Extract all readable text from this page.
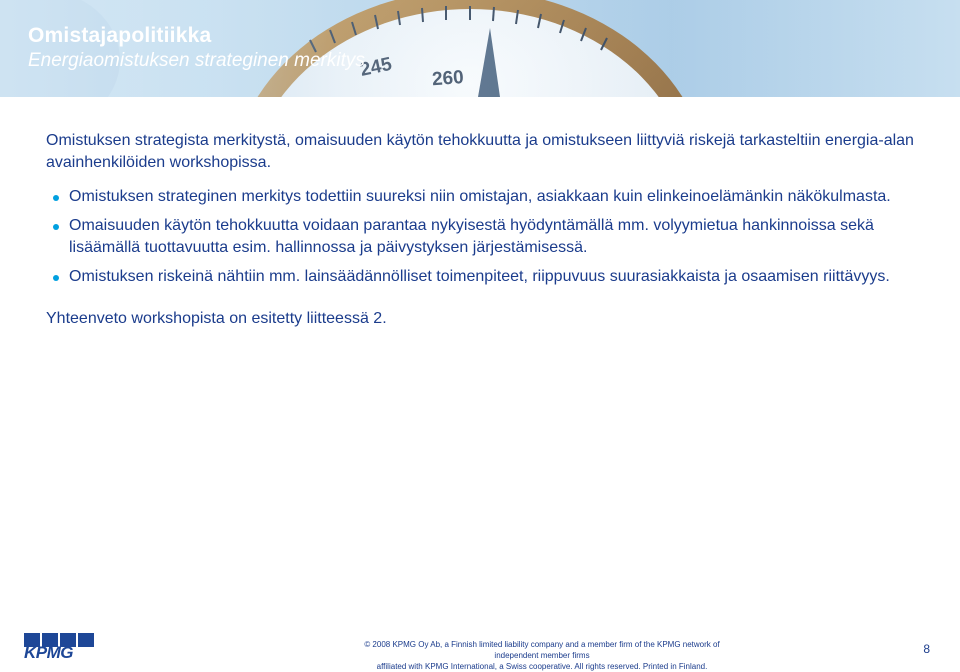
Omistajapolitiikka
Energiaomistuksen strateginen merkitys

Omistuksen strategista merkitystä, omaisuuden käytön tehokkuutta ja omistukseen liittyviä riskejä tarkasteltiin energia-alan avainhenkilöiden workshopissa.

Omistuksen strateginen merkitys todettiin suureksi niin omistajan, asiakkaan kuin elinkeinoelämänkin näkökulmasta.
Omaisuuden käytön tehokkuutta voidaan parantaa nykyisestä hyödyntämällä mm. volyymietua hankinnoissa sekä lisäämällä tuottavuutta esim. hallinnossa ja päivystyksen järjestämisessä.
Omistuksen riskeinä nähtiin mm. lainsäädännölliset toimenpiteet, riippuvuus suurasiakkaista ja osaamisen riittävyys.

Yhteenveto workshopista on esitetty liitteessä 2.

KPMG	© 2008 KPMG Oy Ab, a Finnish limited liability company and a member firm of the KPMG network of independent member firms
affiliated with KPMG International, a Swiss cooperative. All rights reserved. Printed in Finland.
8
